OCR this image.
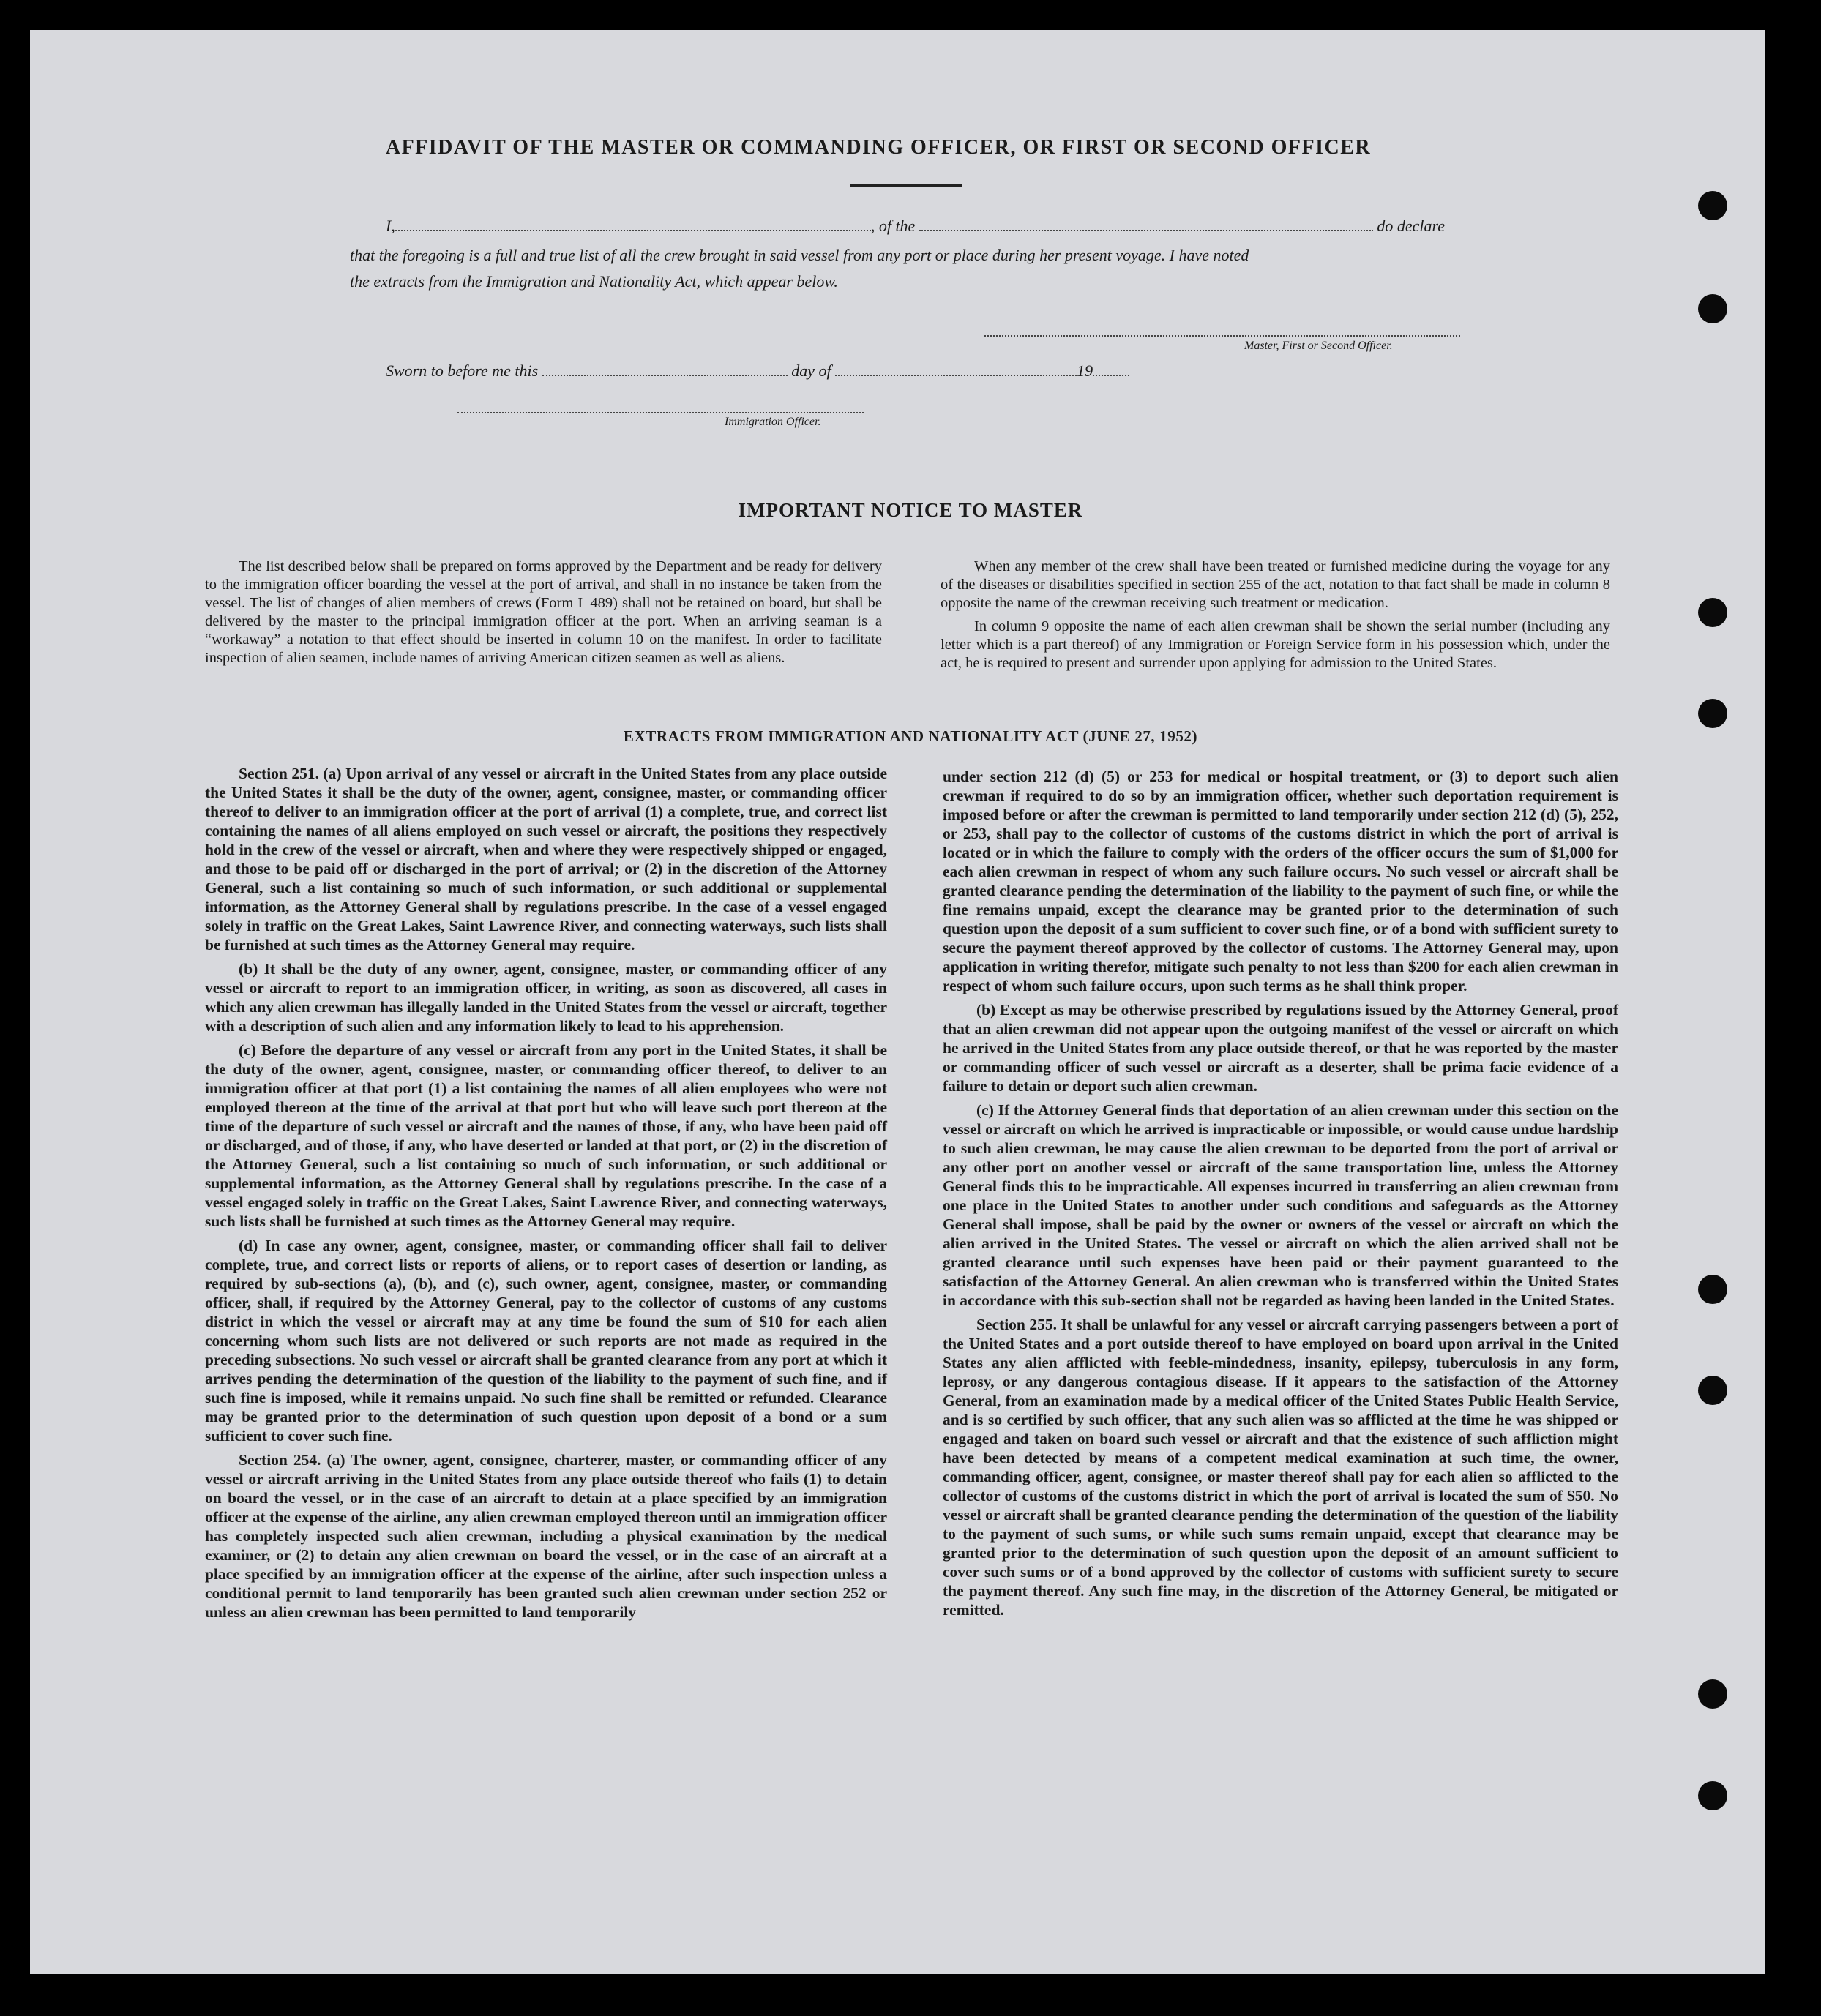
AFFIDAVIT OF THE MASTER OR COMMANDING OFFICER, OR FIRST OR SECOND OFFICER
I,	, of the	do declare
that the foregoing is a full and true list of all the crew brought in said vessel from any port or place during her present voyage. I have noted
the extracts from the Immigration and Nationality Act, which appear below.
Master, First or Second Officer.
Sworn to before me this	day of	19
Immigration Officer.
IMPORTANT NOTICE TO MASTER

The list described below shall be prepared on forms approved by the Department and be ready for delivery to the immigration officer boarding the vessel at the port of arrival, and shall in no instance be taken from the vessel. The list of changes of alien members of crews (Form I–489) shall not be retained on board, but shall be delivered by the master to the principal immigration officer at the port. When an arriving seaman is a “workaway” a notation to that effect should be inserted in column 10 on the manifest. In order to facilitate inspection of alien seamen, include names of arriving American citizen seamen as well as aliens.

When any member of the crew shall have been treated or furnished medicine during the voyage for any of the diseases or disabilities specified in section 255 of the act, notation to that fact shall be made in column 8 opposite the name of the crewman receiving such treatment or medication.

In column 9 opposite the name of each alien crewman shall be shown the serial number (including any letter which is a part thereof) of any Immigration or Foreign Service form in his possession which, under the act, he is required to present and surrender upon applying for admission to the United States.

EXTRACTS FROM IMMIGRATION AND NATIONALITY ACT (JUNE 27, 1952)

Section 251. (a) Upon arrival of any vessel or aircraft in the United States from any place outside the United States it shall be the duty of the owner, agent, consignee, master, or commanding officer thereof to deliver to an immigration officer at the port of arrival (1) a complete, true, and correct list containing the names of all aliens employed on such vessel or aircraft, the positions they respectively hold in the crew of the vessel or aircraft, when and where they were respectively shipped or engaged, and those to be paid off or discharged in the port of arrival; or (2) in the discretion of the Attorney General, such a list containing so much of such information, or such additional or supplemental information, as the Attorney General shall by regulations prescribe. In the case of a vessel engaged solely in traffic on the Great Lakes, Saint Lawrence River, and connecting waterways, such lists shall be furnished at such times as the Attorney General may require.

(b) It shall be the duty of any owner, agent, consignee, master, or commanding officer of any vessel or aircraft to report to an immigration officer, in writing, as soon as discovered, all cases in which any alien crewman has illegally landed in the United States from the vessel or aircraft, together with a description of such alien and any information likely to lead to his apprehension.

(c) Before the departure of any vessel or aircraft from any port in the United States, it shall be the duty of the owner, agent, consignee, master, or commanding officer thereof, to deliver to an immigration officer at that port (1) a list containing the names of all alien employees who were not employed thereon at the time of the arrival at that port but who will leave such port thereon at the time of the departure of such vessel or aircraft and the names of those, if any, who have been paid off or discharged, and of those, if any, who have deserted or landed at that port, or (2) in the discretion of the Attorney General, such a list containing so much of such information, or such additional or supplemental information, as the Attorney General shall by regulations prescribe. In the case of a vessel engaged solely in traffic on the Great Lakes, Saint Lawrence River, and connecting waterways, such lists shall be furnished at such times as the Attorney General may require.

(d) In case any owner, agent, consignee, master, or commanding officer shall fail to deliver complete, true, and correct lists or reports of aliens, or to report cases of desertion or landing, as required by sub-sections (a), (b), and (c), such owner, agent, consignee, master, or commanding officer, shall, if required by the Attorney General, pay to the collector of customs of any customs district in which the vessel or aircraft may at any time be found the sum of $10 for each alien concerning whom such lists are not delivered or such reports are not made as required in the preceding subsections. No such vessel or aircraft shall be granted clearance from any port at which it arrives pending the determination of the question of the liability to the payment of such fine, and if such fine is imposed, while it remains unpaid. No such fine shall be remitted or refunded. Clearance may be granted prior to the determination of such question upon deposit of a bond or a sum sufficient to cover such fine.

Section 254. (a) The owner, agent, consignee, charterer, master, or commanding officer of any vessel or aircraft arriving in the United States from any place outside thereof who fails (1) to detain on board the vessel, or in the case of an aircraft to detain at a place specified by an immigration officer at the expense of the airline, any alien crewman employed thereon until an immigration officer has completely inspected such alien crewman, including a physical examination by the medical examiner, or (2) to detain any alien crewman on board the vessel, or in the case of an aircraft at a place specified by an immigration officer at the expense of the airline, after such inspection unless a conditional permit to land temporarily has been granted such alien crewman under section 252 or unless an alien crewman has been permitted to land temporarily

under section 212 (d) (5) or 253 for medical or hospital treatment, or (3) to deport such alien crewman if required to do so by an immigration officer, whether such deportation requirement is imposed before or after the crewman is permitted to land temporarily under section 212 (d) (5), 252, or 253, shall pay to the collector of customs of the customs district in which the port of arrival is located or in which the failure to comply with the orders of the officer occurs the sum of $1,000 for each alien crewman in respect of whom any such failure occurs. No such vessel or aircraft shall be granted clearance pending the determination of the liability to the payment of such fine, or while the fine remains unpaid, except the clearance may be granted prior to the determination of such question upon the deposit of a sum sufficient to cover such fine, or of a bond with sufficient surety to secure the payment thereof approved by the collector of customs. The Attorney General may, upon application in writing therefor, mitigate such penalty to not less than $200 for each alien crewman in respect of whom such failure occurs, upon such terms as he shall think proper.

(b) Except as may be otherwise prescribed by regulations issued by the Attorney General, proof that an alien crewman did not appear upon the outgoing manifest of the vessel or aircraft on which he arrived in the United States from any place outside thereof, or that he was reported by the master or commanding officer of such vessel or aircraft as a deserter, shall be prima facie evidence of a failure to detain or deport such alien crewman.

(c) If the Attorney General finds that deportation of an alien crewman under this section on the vessel or aircraft on which he arrived is impracticable or impossible, or would cause undue hardship to such alien crewman, he may cause the alien crewman to be deported from the port of arrival or any other port on another vessel or aircraft of the same transportation line, unless the Attorney General finds this to be impracticable. All expenses incurred in transferring an alien crewman from one place in the United States to another under such conditions and safeguards as the Attorney General shall impose, shall be paid by the owner or owners of the vessel or aircraft on which the alien arrived in the United States. The vessel or aircraft on which the alien arrived shall not be granted clearance until such expenses have been paid or their payment guaranteed to the satisfaction of the Attorney General. An alien crewman who is transferred within the United States in accordance with this sub-section shall not be regarded as having been landed in the United States.

Section 255. It shall be unlawful for any vessel or aircraft carrying passengers between a port of the United States and a port outside thereof to have employed on board upon arrival in the United States any alien afflicted with feeble-mindedness, insanity, epilepsy, tuberculosis in any form, leprosy, or any dangerous contagious disease. If it appears to the satisfaction of the Attorney General, from an examination made by a medical officer of the United States Public Health Service, and is so certified by such officer, that any such alien was so afflicted at the time he was shipped or engaged and taken on board such vessel or aircraft and that the existence of such affliction might have been detected by means of a competent medical examination at such time, the owner, commanding officer, agent, consignee, or master thereof shall pay for each alien so afflicted to the collector of customs of the customs district in which the port of arrival is located the sum of $50. No vessel or aircraft shall be granted clearance pending the determination of the question of the liability to the payment of such sums, or while such sums remain unpaid, except that clearance may be granted prior to the determination of such question upon the deposit of an amount sufficient to cover such sums or of a bond approved by the collector of customs with sufficient surety to secure the payment thereof. Any such fine may, in the discretion of the Attorney General, be mitigated or remitted.
